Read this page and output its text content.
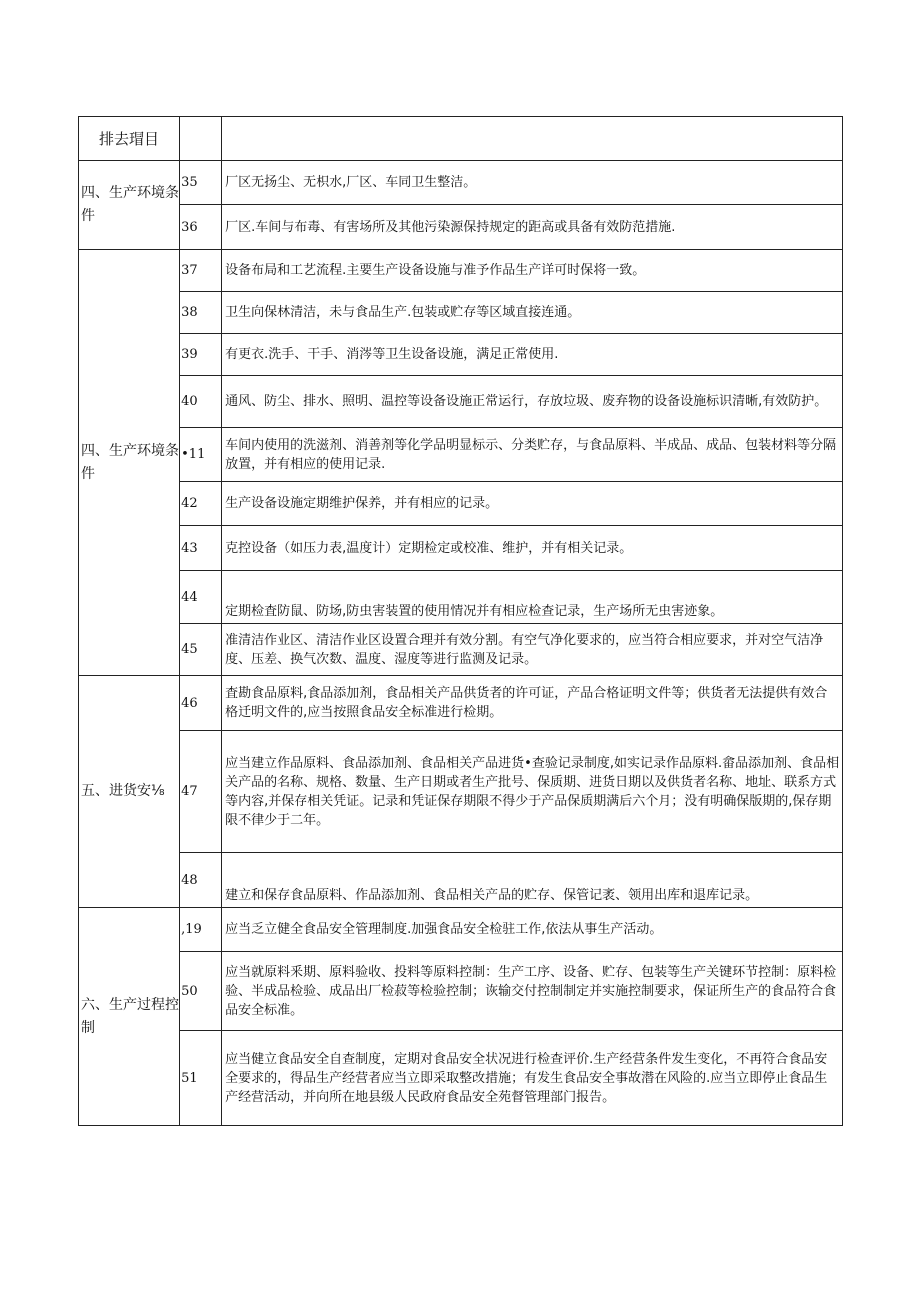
排去瑁目		
四、生产环境条件	35	厂区无扬尘、无枳水,厂区、车同卫生整洁。
	36	厂区.车间与布毒、有害场所及其他污染源保持规定的距高或具备有效防范措施.
四、生产环境条件	37	设备布局和工艺流程.主要生产设备设施与准予作品生产详可时保将一致。
	38	卫生向保林清洁，未与食品生产.包装或贮存等区域直接连通。
	39	有更衣.洗手、干手、消涔等卫生设备设施，满足正常使用.
	40	通风、防尘、排水、照明、温控等设备设施正常运行，存放垃圾、废弃物的设备设施标识清晰,有效防护。
	•11	车间内使用的洗滋剂、消善剂等化学品明显标示、分类贮存，与食品原料、半成品、成品、包装材料等分隔放置，并有相应的使用记录.
	42	生产设备设施定期维护保养，并有相应的记录。
	43	克控设备（如压力表,温度计）定期检定或校准、维护，并有相关记录。
	44	定期检査防鼠、防场,防虫害装置的使用情况并有相应检查记录，生产场所无虫害迹象。
	45	准清洁作业区、清洁作业区设置合理并有效分割。有空气净化要求的，应当符合相应要求，并对空气洁净度、压差、换气次数、温度、湿度等进行监测及记录。
五、进货安⅛	46	査勘食品原料,食品添加剂，食品相关产品供货者的许可证，产品合格证明文件等；供货者无法提供有效合格迁明文件的,应当按照食品安全标准进行检期。
	47	应当建立作品原料、食品添加剂、食品相关产品进货•查验记录制度,如实记录作品原料.畲品添加剂、食品相关产品的名称、规格、数量、生产日期或者生产批号、保质期、进货日期以及供货者名称、地址、联系方式等内容,并保存相关凭证。记录和凭证保存期限不得少于产品保质期满后六个月；没有明确保版期的,保存期限不律少于二年。
	48	建立和保存食品原料、作品添加剂、食品相关产品的贮存、保管记袤、领用出库和退库记录。
六、生产过程控制	,19	应当乏立健全食品安全管理制度.加强食品安全检驻工作,依法从事生产活动。
	50	应当就原料釆期、原料验收、投料等原料控制：生产工序、设备、贮存、包装等生产关键环节控制：原料检验、半成品检验、成品出厂检菽等检验控制；诙输交付控制制定并实施控制要求，保证所生产的食品符合食品安全标准。
	51	应当健立食品安全自查制度，定期对食品安全状况进行检查评价.生产经营条件发生变化，不再符合食品安全要求的，得品生产经营者应当立即采取整改措施；有发生食品安全事故潜在风险的.应当立即停止食品生产经营活动，并向所在地县级人民政府食品安全苑督管理部门报告。
